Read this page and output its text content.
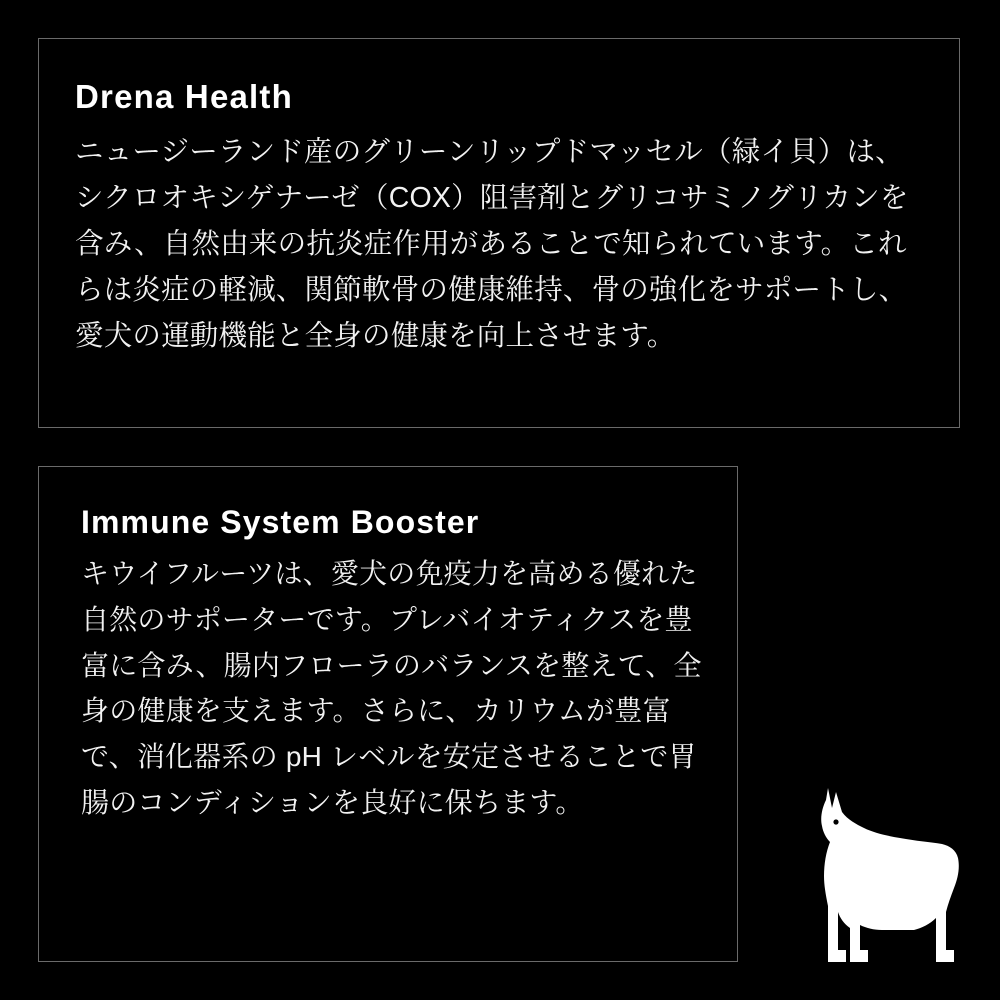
Drena Health

ニュージーランド産のグリーンリップドマッセル（緑イ貝）は、シクロオキシゲナーゼ（COX）阻害剤とグリコサミノグリカンを含み、自然由来の抗炎症作用があることで知られています。これらは炎症の軽減、関節軟骨の健康維持、骨の強化をサポートし、愛犬の運動機能と全身の健康を向上させます。

Immune System Booster

キウイフルーツは、愛犬の免疫力を高める優れた自然のサポーターです。プレバイオティクスを豊富に含み、腸内フローラのバランスを整えて、全身の健康を支えます。さらに、カリウムが豊富で、消化器系の pH レベルを安定させることで胃腸のコンディションを良好に保ちます。
